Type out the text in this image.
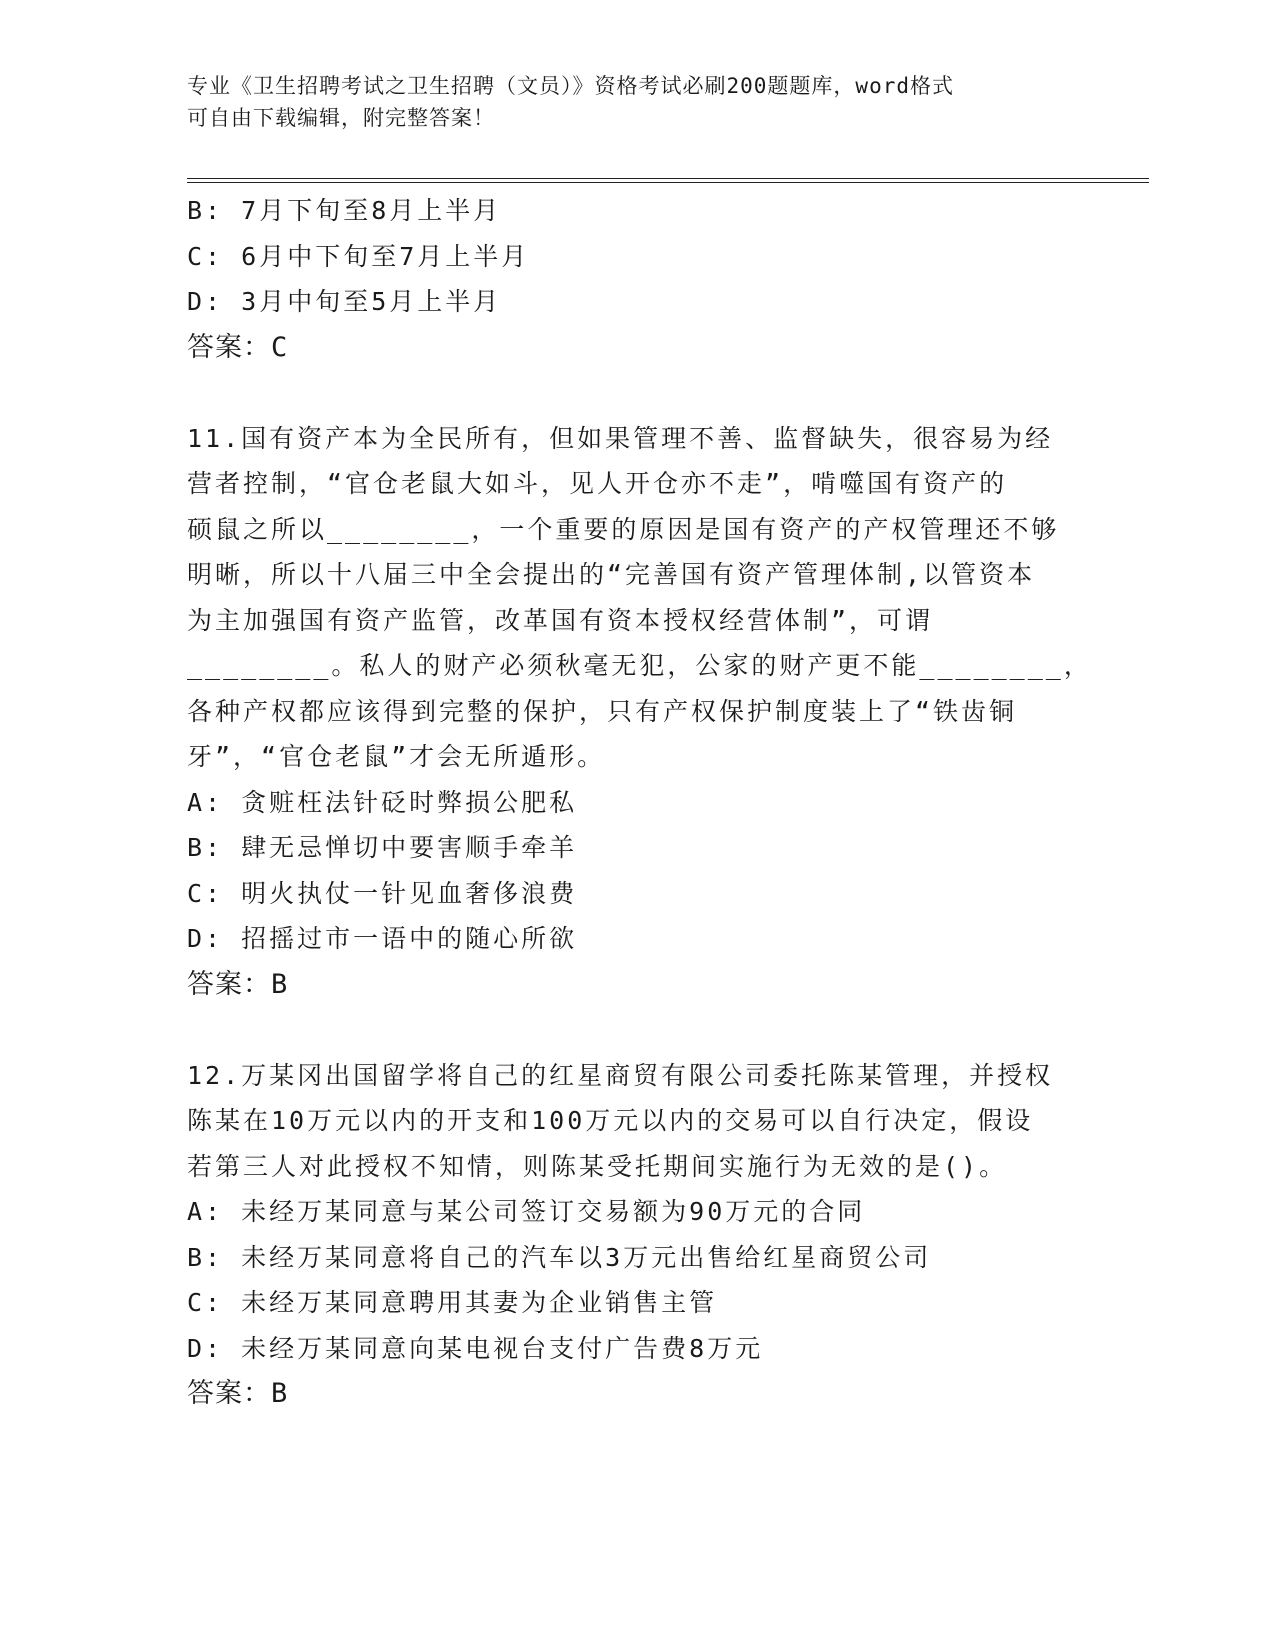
专业《卫生招聘考试之卫生招聘（文员）》资格考试必刷200题题库，word格式
可自由下载编辑，附完整答案！
B: 7月下旬至8月上半月
C: 6月中下旬至7月上半月
D: 3月中旬至5月上半月
答案：C
11.国有资产本为全民所有，但如果管理不善、监督缺失，很容易为经
营者控制，“官仓老鼠大如斗，见人开仓亦不走”，啃噬国有资产的
硕鼠之所以________，一个重要的原因是国有资产的产权管理还不够
明晰，所以十八届三中全会提出的“完善国有资产管理体制,以管资本
为主加强国有资产监管，改革国有资本授权经营体制”，可谓
________。私人的财产必须秋毫无犯，公家的财产更不能________，
各种产权都应该得到完整的保护，只有产权保护制度装上了“铁齿铜
牙”，“官仓老鼠”才会无所遁形。
A: 贪赃枉法针砭时弊损公肥私
B: 肆无忌惮切中要害顺手牵羊
C: 明火执仗一针见血奢侈浪费
D: 招摇过市一语中的随心所欲
答案：B
12.万某冈出国留学将自己的红星商贸有限公司委托陈某管理，并授权
陈某在10万元以内的开支和100万元以内的交易可以自行决定，假设
若第三人对此授权不知情，则陈某受托期间实施行为无效的是()。
A: 未经万某同意与某公司签订交易额为90万元的合同
B: 未经万某同意将自己的汽车以3万元出售给红星商贸公司
C: 未经万某同意聘用其妻为企业销售主管
D: 未经万某同意向某电视台支付广告费8万元
答案：B
